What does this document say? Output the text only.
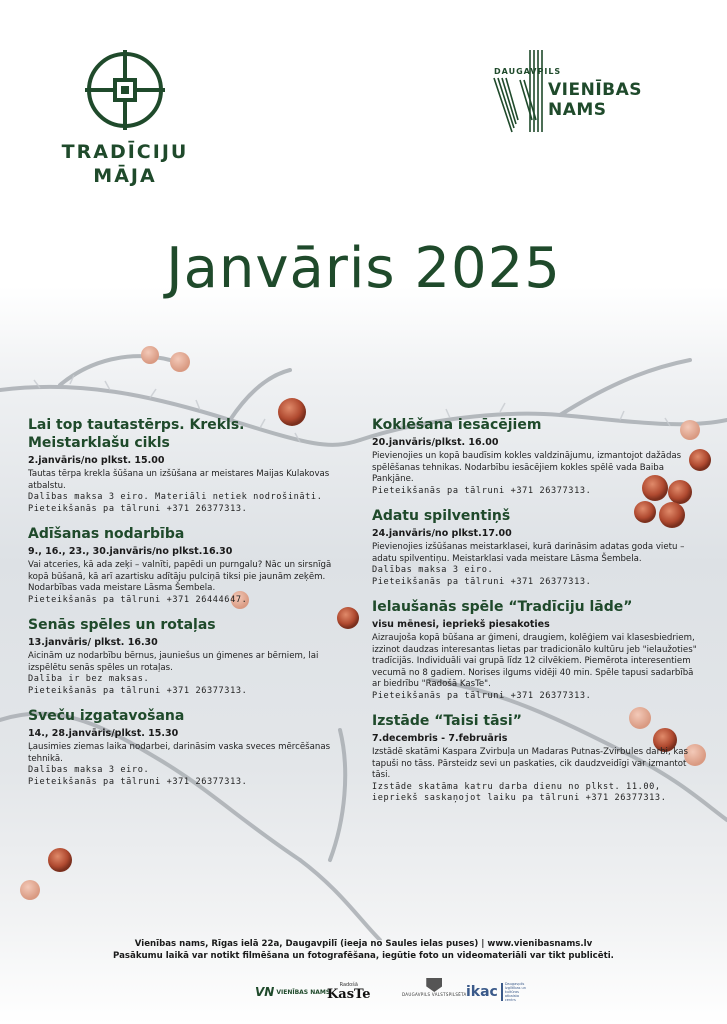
TRADĪCIJU
MĀJA
DAUGAVPILS
VIENĪBAS NAMS
Janvāris 2025
Lai top tautastērps. Krekls. Meistarklašu cikls
2.janvāris/no plkst. 15.00
Tautas tērpa krekla šūšana un izšūšana ar meistares Maijas Kulakovas atbalstu.
Dalības maksa 3 eiro. Materiāli netiek nodrošināti.
Pieteikšanās pa tālruni +371 26377313.
Adīšanas nodarbība
9., 16., 23., 30.janvāris/no plkst.16.30
Vai atceries, kā ada zeķi – valnīti, papēdi un purngalu? Nāc un sirsnīgā kopā būšanā, kā arī azartisku adītāju pulciņā tiksi pie jaunām zeķēm. Nodarbības vada meistare Lāsma Šembela.
Pieteikšanās pa tālruni +371 26444647.
Senās spēles un rotaļas
13.janvāris/ plkst. 16.30
Aicinām uz nodarbību bērnus, jauniešus un ģimenes ar bērniem, lai izspēlētu senās spēles un rotaļas.
Dalība ir bez maksas.
Pieteikšanās pa tālruni +371 26377313.
Sveču izgatavošana
14., 28.janvāris/plkst. 15.30
Ļausimies ziemas laika nodarbei, darināsim vaska sveces mērcēšanas tehnikā.
Dalības maksa 3 eiro.
Pieteikšanās pa tālruni +371 26377313.
Koklēšana iesācējiem
20.janvāris/plkst. 16.00
Pievienojies un kopā baudīsim kokles valdzinājumu, izmantojot dažādas spēlēšanas tehnikas. Nodarbību iesācējiem kokles spēlē vada Baiba Pankjāne.
Pieteikšanās pa tālruni +371 26377313.
Adatu spilventiņš
24.janvāris/no plkst.17.00
Pievienojies izšūšanas meistarklasei, kurā darināsim adatas goda vietu – adatu spilventiņu. Meistarklasi vada meistare Lāsma Šembela.
Dalības maksa 3 eiro.
Pieteikšanās pa tālruni +371 26377313.
Ielaušanās spēle “Tradīciju lāde”
visu mēnesi, iepriekš piesakoties
Aizraujoša kopā būšana ar ģimeni, draugiem, kolēģiem vai klasesbiedriem, izzinot daudzas interesantas lietas par tradicionālo kultūru jeb "ielaužoties" tradīcijās. Individuāli vai grupā līdz 12 cilvēkiem. Piemērota interesentiem vecumā no 8 gadiem. Norises ilgums vidēji 40 min. Spēle tapusi sadarbībā ar biedrību "Radošā KasTe".
Pieteikšanās pa tālruni +371 26377313.
Izstāde “Taisi tāsi”
7.decembris - 7.februāris
Izstādē skatāmi Kaspara Zvirbuļa un Madaras Putnas-Zvirbules darbi, kas tapuši no tāss. Pārsteidz sevi un paskaties, cik daudzveidīgi var izmantot tāsi.
Izstāde skatāma katru darba dienu no plkst. 11.00, iepriekš saskaņojot laiku pa tālruni +371 26377313.
Vienības nams, Rīgas ielā 22a, Daugavpilī (ieeja no Saules ielas puses) | www.vienibasnams.lv
Pasākumu laikā var notikt filmēšana un fotografēšana, iegūtie foto un videomateriāli var tikt publicēti.
VN VIENĪBAS NAMS
Radošā
KasTe	DAUGAVPILS VALSTSPILSĒTA ikac Daugavpils Izglītības un kultūras atbalsta centrs
